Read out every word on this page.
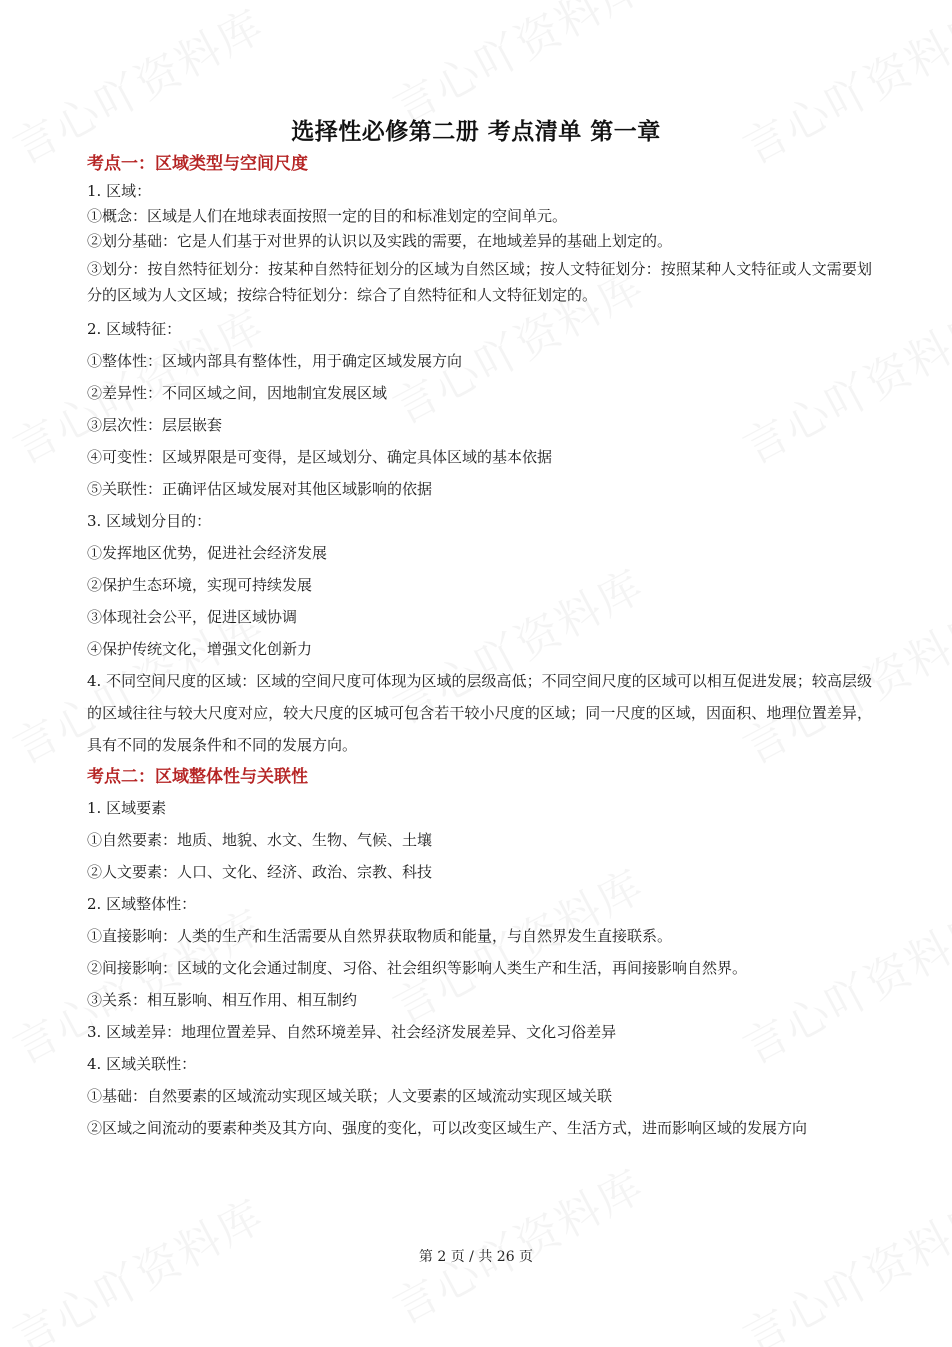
选择性必修第二册 考点清单 第一章
考点一：区域类型与空间尺度
1. 区域：
①概念：区域是人们在地球表面按照一定的目的和标准划定的空间单元。
②划分基础：它是人们基于对世界的认识以及实践的需要，在地域差异的基础上划定的。
③划分：按自然特征划分：按某种自然特征划分的区域为自然区域；按人文特征划分：按照某种人文特征或人文需要划分的区域为人文区域；按综合特征划分：综合了自然特征和人文特征划定的。
2. 区域特征：
①整体性：区域内部具有整体性，用于确定区域发展方向
②差异性：不同区域之间，因地制宜发展区域
③层次性：层层嵌套
④可变性：区域界限是可变得，是区域划分、确定具体区域的基本依据
⑤关联性：正确评估区域发展对其他区域影响的依据
3. 区域划分目的：
①发挥地区优势，促进社会经济发展
②保护生态环境，实现可持续发展
③体现社会公平，促进区域协调
④保护传统文化，增强文化创新力
4. 不同空间尺度的区域：区域的空间尺度可体现为区域的层级高低；不同空间尺度的区域可以相互促进发展；较高层级的区域往往与较大尺度对应，较大尺度的区城可包含若干较小尺度的区域；同一尺度的区域，因面积、地理位置差异，具有不同的发展条件和不同的发展方向。
考点二：区域整体性与关联性
1. 区域要素
①自然要素：地质、地貌、水文、生物、气候、土壤
②人文要素：人口、文化、经济、政治、宗教、科技
2. 区域整体性：
①直接影响：人类的生产和生活需要从自然界获取物质和能量，与自然界发生直接联系。
②间接影响：区域的文化会通过制度、习俗、社会组织等影响人类生产和生活，再间接影响自然界。
③关系：相互影响、相互作用、相互制约
3. 区域差异：地理位置差异、自然环境差异、社会经济发展差异、文化习俗差异
4. 区域关联性：
①基础：自然要素的区域流动实现区域关联；人文要素的区域流动实现区域关联
②区域之间流动的要素种类及其方向、强度的变化，可以改变区域生产、生活方式，进而影响区域的发展方向
第 2 页 / 共 26 页
